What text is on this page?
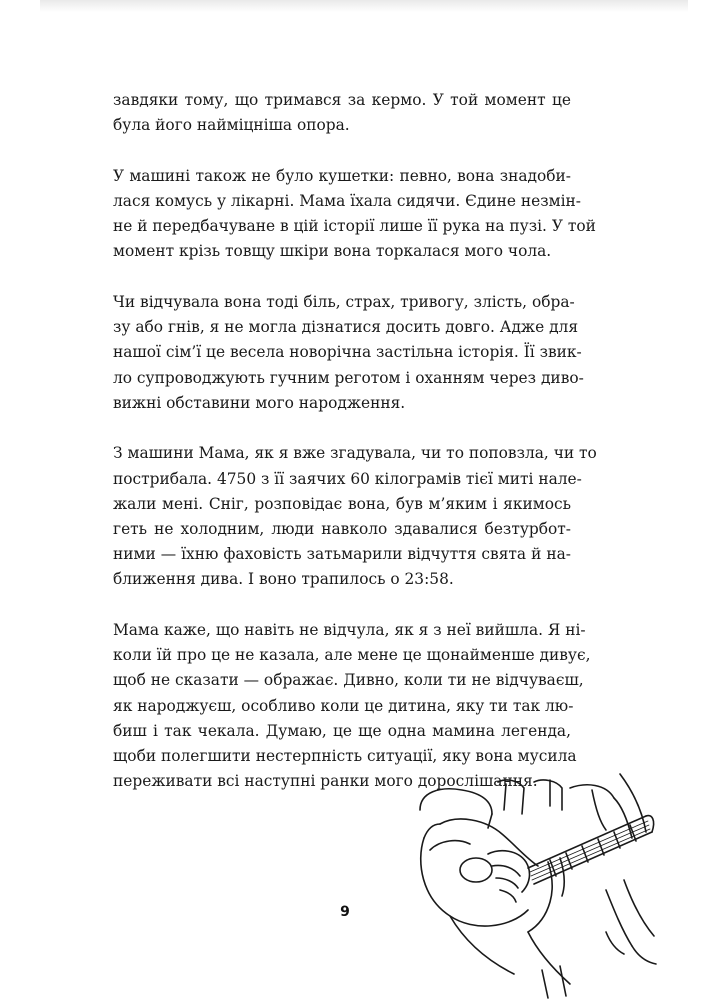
завдяки тому, що тримався за кермо. У той момент це
була його наймiцнiша опора.

У машинi також не було кушетки: певно, вона знадоби-
лася комусь у лiкарнi. Мама їхала сидячи. Єдине незмiн-
не й передбачуване в цiй iсторiї лише її рука на пузi. У той
момент крiзь товщу шкiри вона торкалася мого чола.

Чи вiдчувала вона тодi бiль, страх, тривогу, злiсть, обра-
зу або гнiв, я не могла дiзнатися досить довго. Адже для
нашої сiм’ї це весела новорiчна застiльна iсторiя. Її звик-
ло супроводжують гучним реготом i оханням через диво-
вижнi обставини мого народження.

З машини Мама, як я вже згадувала, чи то поповзла, чи то
пострибала. 4750 з її заячих 60 кiлограмiв тiєї митi нале-
жали менi. Снiг, розповiдає вона, був м’яким i якимось
геть не холодним, люди навколо здавалися безтурбот-
ними — їхню фаховiсть затьмарили вiдчуття свята й на-
ближення дива. I воно трапилось о 23:58.

Мама каже, що навiть не вiдчула, як я з неї вийшла. Я нi-
коли їй про це не казала, але мене це щонайменше дивує,
щоб не сказати — ображає. Дивно, коли ти не вiдчуваєш,
як народжуєш, особливо коли це дитина, яку ти так лю-
биш i так чекала. Думаю, це ще одна мамина легенда,
щоби полегшити нестерпнiсть ситуацiї, яку вона мусила
переживати всi наступнi ранки мого дорослiшання.

9
